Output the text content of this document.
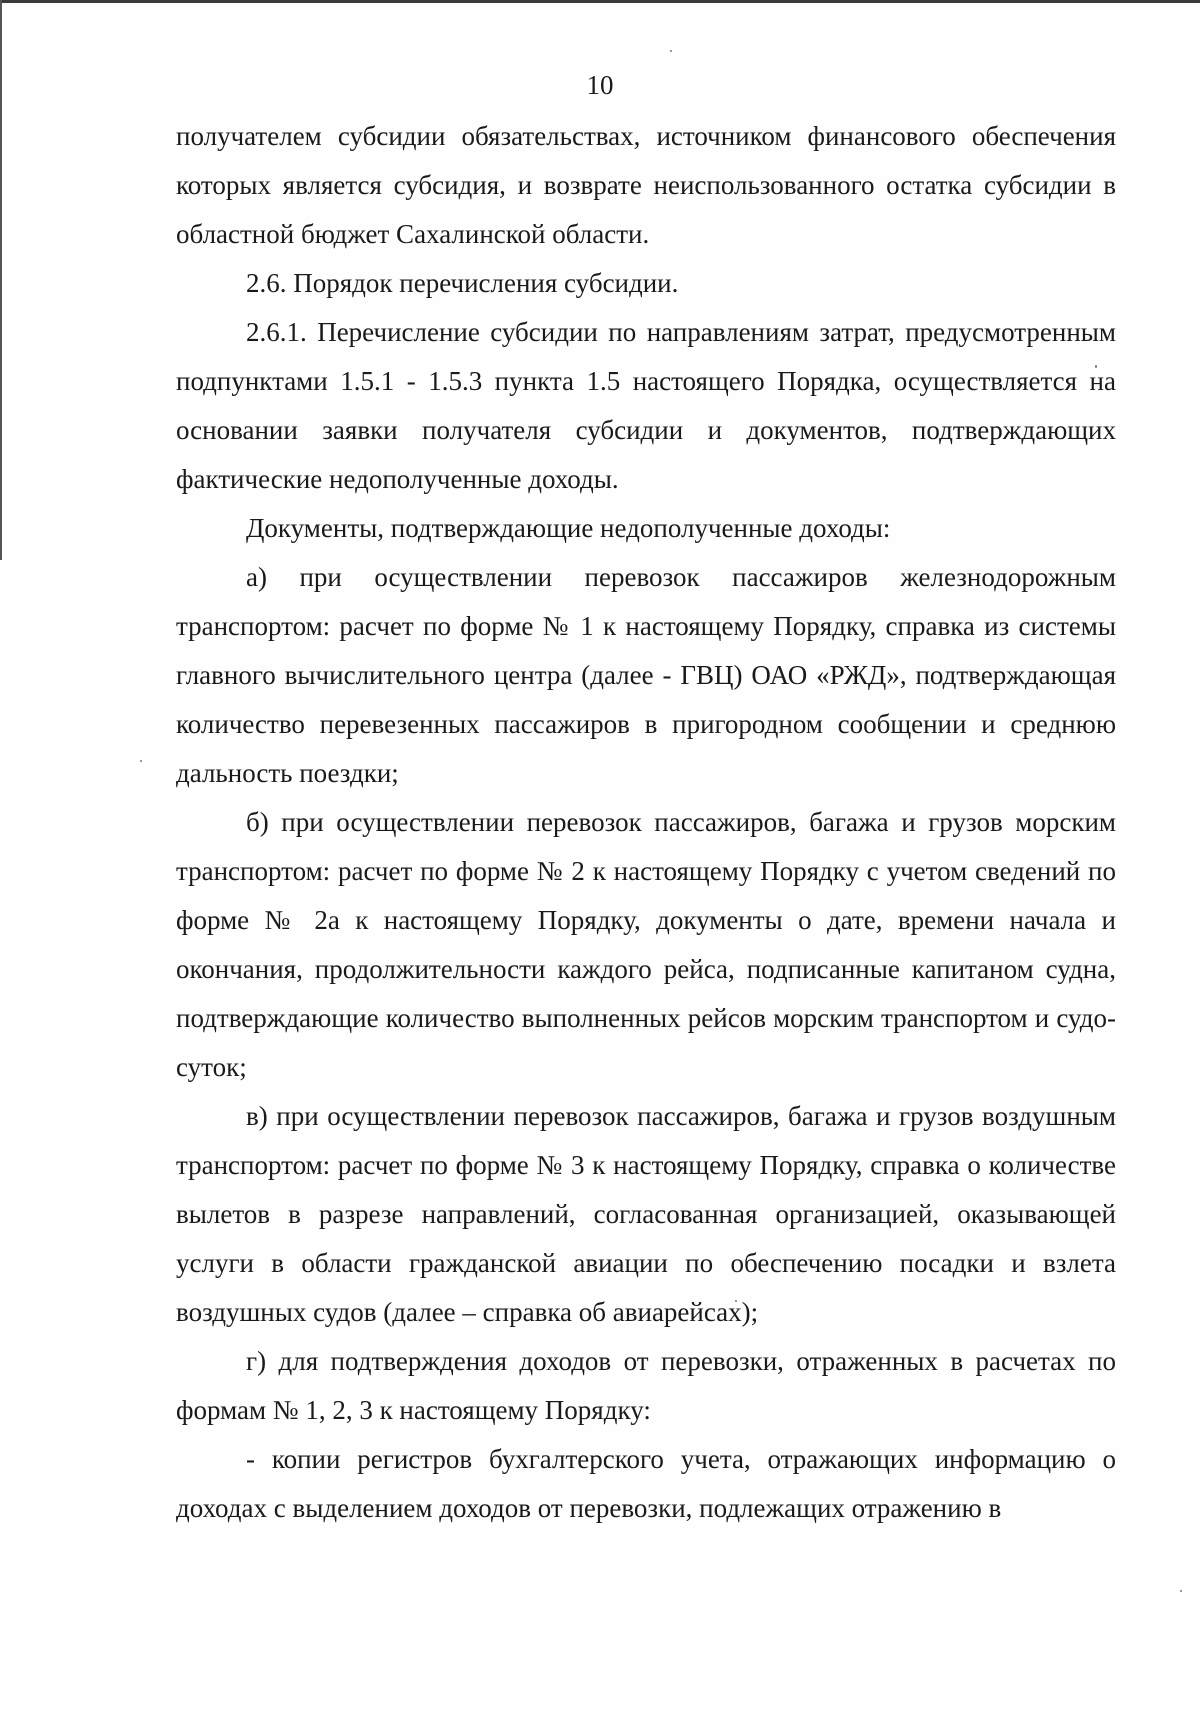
10

получателем субсидии обязательствах, источником финансового обеспечения которых является субсидия, и возврате неиспользованного остатка субсидии в областной бюджет Сахалинской области.

2.6. Порядок перечисления субсидии.

2.6.1. Перечисление субсидии по направлениям затрат, предусмотренным подпунктами 1.5.1 - 1.5.3 пункта 1.5 настоящего Порядка, осуществляется на основании заявки получателя субсидии и документов, подтверждающих фактические недополученные доходы.

Документы, подтверждающие недополученные доходы:

а) при осуществлении перевозок пассажиров железнодорожным транспортом: расчет по форме № 1 к настоящему Порядку, справка из системы главного вычислительного центра (далее - ГВЦ) ОАО «РЖД», подтверждающая количество перевезенных пассажиров в пригородном сообщении и среднюю дальность поездки;

б) при осуществлении перевозок пассажиров, багажа и грузов морским транспортом: расчет по форме № 2 к настоящему Порядку с учетом сведений по форме № 2а к настоящему Порядку, документы о дате, времени начала и окончания, продолжительности каждого рейса, подписанные капитаном судна, подтверждающие количество выполненных рейсов морским транспортом и судо-суток;

в) при осуществлении перевозок пассажиров, багажа и грузов воздушным транспортом: расчет по форме № 3 к настоящему Порядку, справка о количестве вылетов в разрезе направлений, согласованная организацией, оказывающей услуги в области гражданской авиации по обеспечению посадки и взлета воздушных судов (далее – справка об авиарейсах);

г) для подтверждения доходов от перевозки, отраженных в расчетах по формам № 1, 2, 3 к настоящему Порядку:

- копии регистров бухгалтерского учета, отражающих информацию о доходах с выделением доходов от перевозки, подлежащих отражению в
